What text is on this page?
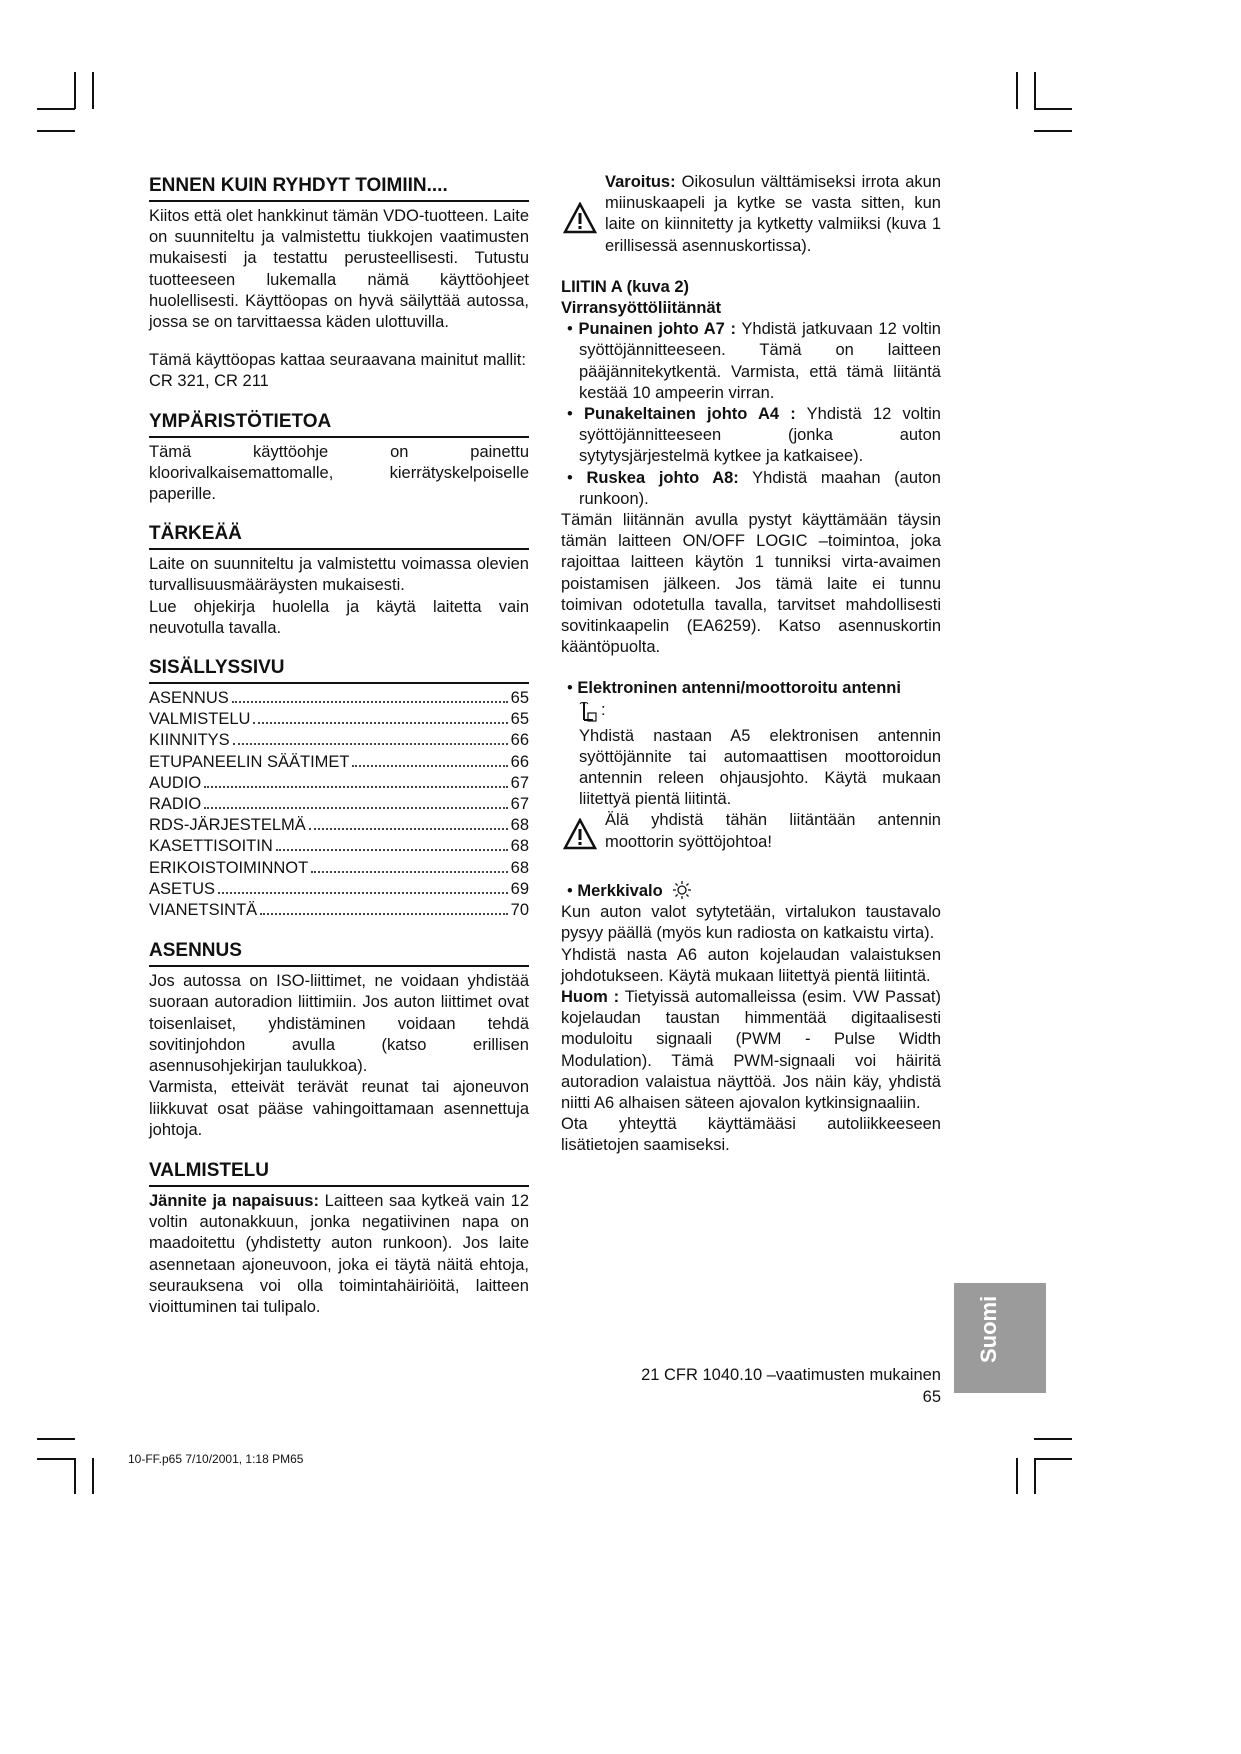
ENNEN KUIN RYHDYT TOIMIIN....

Kiitos että olet hankkinut tämän VDO-tuotteen. Laite on suunniteltu ja valmistettu tiukkojen vaatimusten mukaisesti ja testattu perusteellisesti. Tutustu tuotteeseen lukemalla nämä käyttöohjeet huolellisesti. Käyttöopas on hyvä säilyttää autossa, jossa se on tarvittaessa käden ulottuvilla.

Tämä käyttöopas kattaa seuraavana mainitut mallit:

CR 321, CR 211

YMPÄRISTÖTIETOA

Tämä käyttöohje on painettu kloorivalkaisemattomalle, kierrätyskelpoiselle paperille.

TÄRKEÄÄ

Laite on suunniteltu ja valmistettu voimassa olevien turvallisuusmääräysten mukaisesti.

Lue ohjekirja huolella ja käytä laitetta vain neuvotulla tavalla.

SISÄLLYSSIVU
ASENNUS	65
VALMISTELU	65
KIINNITYS	66
ETUPANEELIN SÄÄTIMET	66
AUDIO	67
RADIO	67
RDS-JÄRJESTELMÄ	68
KASETTISOITIN	68
ERIKOISTOIMINNOT	68
ASETUS	69
VIANETSINTÄ	70
ASENNUS

Jos autossa on ISO-liittimet, ne voidaan yhdistää suoraan autoradion liittimiin. Jos auton liittimet ovat toisenlaiset, yhdistäminen voidaan tehdä sovitinjohdon avulla (katso erillisen asennusohjekirjan taulukkoa).

Varmista, etteivät terävät reunat tai ajoneuvon liikkuvat osat pääse vahingoittamaan asennettuja johtoja.

VALMISTELU

Jännite ja napaisuus: Laitteen saa kytkeä vain 12 voltin autonakkuun, jonka negatiivinen napa on maadoitettu (yhdistetty auton runkoon). Jos laite asennetaan ajoneuvoon, joka ei täytä näitä ehtoja, seurauksena voi olla toimintahäiriöitä, laitteen vioittuminen tai tulipalo.

Varoitus: Oikosulun välttämiseksi irrota akun miinuskaapeli ja kytke se vasta sitten, kun laite on kiinnitetty ja kytketty valmiiksi (kuva 1 erillisessä asennuskortissa).

LIITIN A (kuva 2)

Virransyöttöliitännät

• Punainen johto A7 : Yhdistä jatkuvaan 12 voltin syöttöjännitteeseen. Tämä on laitteen pääjännitekytkentä. Varmista, että tämä liitäntä kestää 10 ampeerin virran.

• Punakeltainen johto A4 : Yhdistä 12 voltin syöttöjännitteeseen (jonka auton sytytysjärjestelmä kytkee ja katkaisee).

• Ruskea johto A8: Yhdistä maahan (auton runkoon).

Tämän liitännän avulla pystyt käyttämään täysin tämän laitteen ON/OFF LOGIC –toimintoa, joka rajoittaa laitteen käytön 1 tunniksi virta-avaimen poistamisen jälkeen. Jos tämä laite ei tunnu toimivan odotetulla tavalla, tarvitset mahdollisesti sovitinkaapelin (EA6259). Katso asennuskortin kääntöpuolta.

• Elektroninen antenni/moottoroitu antenni

:

Yhdistä nastaan A5 elektronisen antennin syöttöjännite tai automaattisen moottoroidun antennin releen ohjausjohto. Käytä mukaan liitettyä pientä liitintä.

Älä yhdistä tähän liitäntään antennin moottorin syöttöjohtoa!

• Merkkivalo

Kun auton valot sytytetään, virtalukon taustavalo pysyy päällä (myös kun radiosta on katkaistu virta).

Yhdistä nasta A6 auton kojelaudan valaistuksen johdotukseen. Käytä mukaan liitettyä pientä liitintä.

Huom : Tietyissä automalleissa (esim. VW Passat) kojelaudan taustan himmentää digitaalisesti moduloitu signaali (PWM - Pulse Width Modulation). Tämä PWM-signaali voi häiritä autoradion valaistua näyttöä. Jos näin käy, yhdistä niitti A6 alhaisen säteen ajovalon kytkinsignaaliin.

Ota yhteyttä käyttämääsi autoliikkeeseen lisätietojen saamiseksi.

Suomi
21 CFR 1040.10 –vaatimusten mukainen
65
10-FF.p65 7/10/2001, 1:18 PM65
